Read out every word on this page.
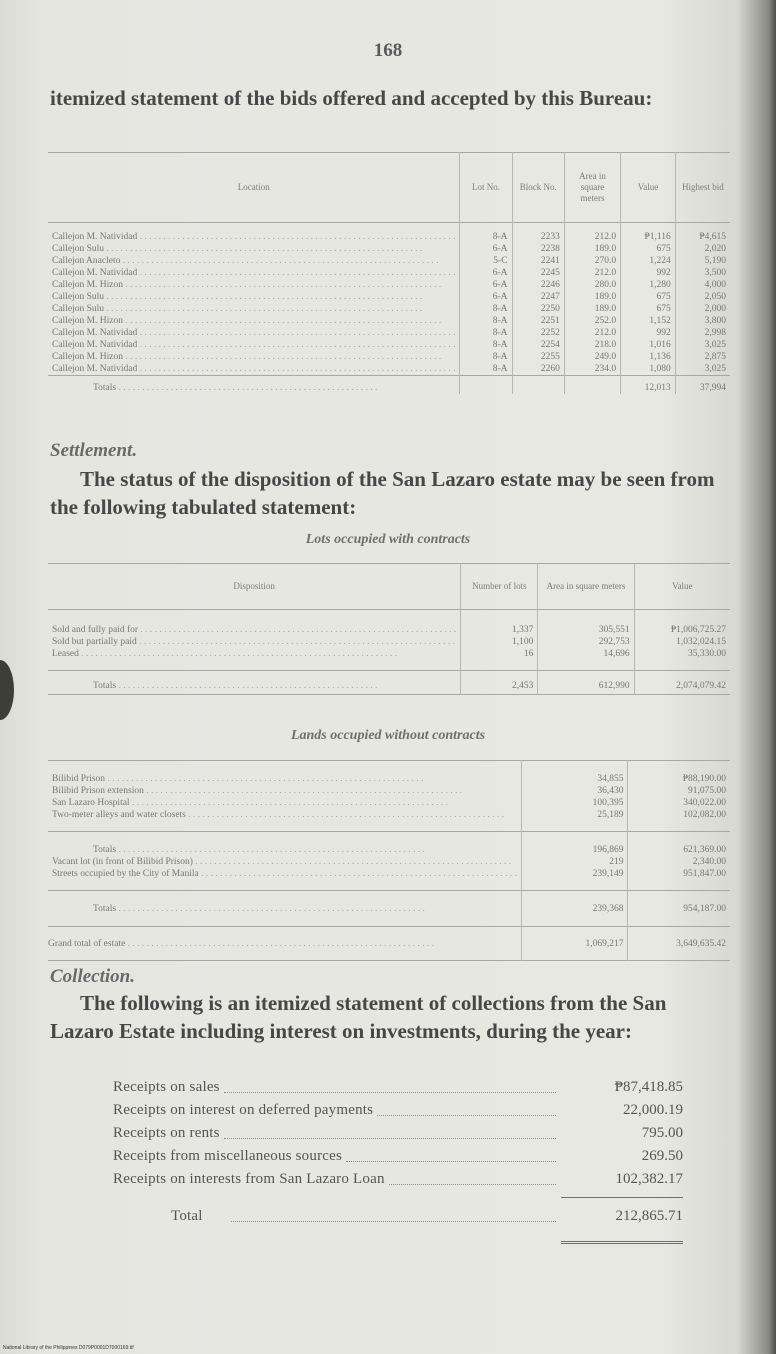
168
itemized statement of the bids offered and accepted by this Bureau:
Location	Lot No.	Block No.	Area in square meters	Value	Highest bid
Callejon M. Natividad . . . . . . . . . . . . . . . . . . . . . . . . . . . . . . . . . . . . . . . . . . . . . . . . . . . . . . . . . . . . . . . . . . .	8-A	2233	212.0	₱1,116	₱4,615
Callejon Sulu . . . . . . . . . . . . . . . . . . . . . . . . . . . . . . . . . . . . . . . . . . . . . . . . . . . . . . . . . . . . . . . . . . .	6-A	2238	189.0	675	2,020
Callejon Anacleto . . . . . . . . . . . . . . . . . . . . . . . . . . . . . . . . . . . . . . . . . . . . . . . . . . . . . . . . . . . . . . . . . . .	5-C	2241	270.0	1,224	5,190
Callejon M. Natividad . . . . . . . . . . . . . . . . . . . . . . . . . . . . . . . . . . . . . . . . . . . . . . . . . . . . . . . . . . . . . . . . . . .	6-A	2245	212.0	992	3,500
Callejon M. Hizon . . . . . . . . . . . . . . . . . . . . . . . . . . . . . . . . . . . . . . . . . . . . . . . . . . . . . . . . . . . . . . . . . . .	6-A	2246	280.0	1,280	4,000
Callejon Sulu . . . . . . . . . . . . . . . . . . . . . . . . . . . . . . . . . . . . . . . . . . . . . . . . . . . . . . . . . . . . . . . . . . .	6-A	2247	189.0	675	2,050
Callejon Sulu . . . . . . . . . . . . . . . . . . . . . . . . . . . . . . . . . . . . . . . . . . . . . . . . . . . . . . . . . . . . . . . . . . .	8-A	2250	189.0	675	2,000
Callejon M. Hizon . . . . . . . . . . . . . . . . . . . . . . . . . . . . . . . . . . . . . . . . . . . . . . . . . . . . . . . . . . . . . . . . . . .	8-A	2251	252.0	1,152	3,800
Callejon M. Natividad . . . . . . . . . . . . . . . . . . . . . . . . . . . . . . . . . . . . . . . . . . . . . . . . . . . . . . . . . . . . . . . . . . .	8-A	2252	212.0	992	2,998
Callejon M. Natividad . . . . . . . . . . . . . . . . . . . . . . . . . . . . . . . . . . . . . . . . . . . . . . . . . . . . . . . . . . . . . . . . . . .	8-A	2254	218.0	1,016	3,025
Callejon M. Hizon . . . . . . . . . . . . . . . . . . . . . . . . . . . . . . . . . . . . . . . . . . . . . . . . . . . . . . . . . . . . . . . . . . .	8-A	2255	249.0	1,136	2,875
Callejon M. Natividad . . . . . . . . . . . . . . . . . . . . . . . . . . . . . . . . . . . . . . . . . . . . . . . . . . . . . . . . . . . . . . . . . . .	8-A	2260	234.0	1,080	3,025
Totals . . . . . . . . . . . . . . . . . . . . . . . . . . . . . . . . . . . . . . . . . . . . . . . . . . . . . . .				12,013	37,994
Settlement.
The status of the disposition of the San Lazaro estate may be seen from the following tabulated statement:
Lots occupied with contracts
Disposition	Number of lots	Area in square meters	Value
Sold and fully paid for . . . . . . . . . . . . . . . . . . . . . . . . . . . . . . . . . . . . . . . . . . . . . . . . . . . . . . . . . . . . . . . . . . .	1,337	305,551	₱1,006,725.27
Sold but partially paid . . . . . . . . . . . . . . . . . . . . . . . . . . . . . . . . . . . . . . . . . . . . . . . . . . . . . . . . . . . . . . . . . . .	1,100	292,753	1,032,024.15
Leased . . . . . . . . . . . . . . . . . . . . . . . . . . . . . . . . . . . . . . . . . . . . . . . . . . . . . . . . . . . . . . . . . . .	16	14,696	35,330.00
Totals . . . . . . . . . . . . . . . . . . . . . . . . . . . . . . . . . . . . . . . . . . . . . . . . . . . . . . .	2,453	612,990	2,074,079.42
Lands occupied without contracts
Bilibid Prison . . . . . . . . . . . . . . . . . . . . . . . . . . . . . . . . . . . . . . . . . . . . . . . . . . . . . . . . . . . . . . . . . . .	34,855	₱88,190.00
Bilibid Prison extension . . . . . . . . . . . . . . . . . . . . . . . . . . . . . . . . . . . . . . . . . . . . . . . . . . . . . . . . . . . . . . . . . . .	36,430	91,075.00
San Lazaro Hospital . . . . . . . . . . . . . . . . . . . . . . . . . . . . . . . . . . . . . . . . . . . . . . . . . . . . . . . . . . . . . . . . . . .	100,395	340,022.00
Two-meter alleys and water closets . . . . . . . . . . . . . . . . . . . . . . . . . . . . . . . . . . . . . . . . . . . . . . . . . . . . . . . . . . . . . . . . . . .	25,189	102,082.00
Totals . . . . . . . . . . . . . . . . . . . . . . . . . . . . . . . . . . . . . . . . . . . . . . . . . . . . . . . . . . . . . . . . .	196,869	621,369.00
Vacant lot (in front of Bilibid Prison) . . . . . . . . . . . . . . . . . . . . . . . . . . . . . . . . . . . . . . . . . . . . . . . . . . . . . . . . . . . . . . . . . . .	219	2,340.00
Streets occupied by the City of Manila . . . . . . . . . . . . . . . . . . . . . . . . . . . . . . . . . . . . . . . . . . . . . . . . . . . . . . . . . . . . . . . . . . .	239,149	951,847.00
Totals . . . . . . . . . . . . . . . . . . . . . . . . . . . . . . . . . . . . . . . . . . . . . . . . . . . . . . . . . . . . . . . . .	239,368	954,187.00
Grand total of estate . . . . . . . . . . . . . . . . . . . . . . . . . . . . . . . . . . . . . . . . . . . . . . . . . . . . . . . . . . . . . . . . .	1,069,217	3,649,635.42
Collection.
The following is an itemized statement of collections from the San Lazaro Estate including interest on investments, during the year:
Receipts on sales	₱87,418.85
Receipts on interest on deferred payments	22,000.19
Receipts on rents	795.00
Receipts from miscellaneous sources	269.50
Receipts on interests from San Lazaro Loan	102,382.17
Total	212,865.71
National Library of the Philippines D079P0001D7000169.tif
